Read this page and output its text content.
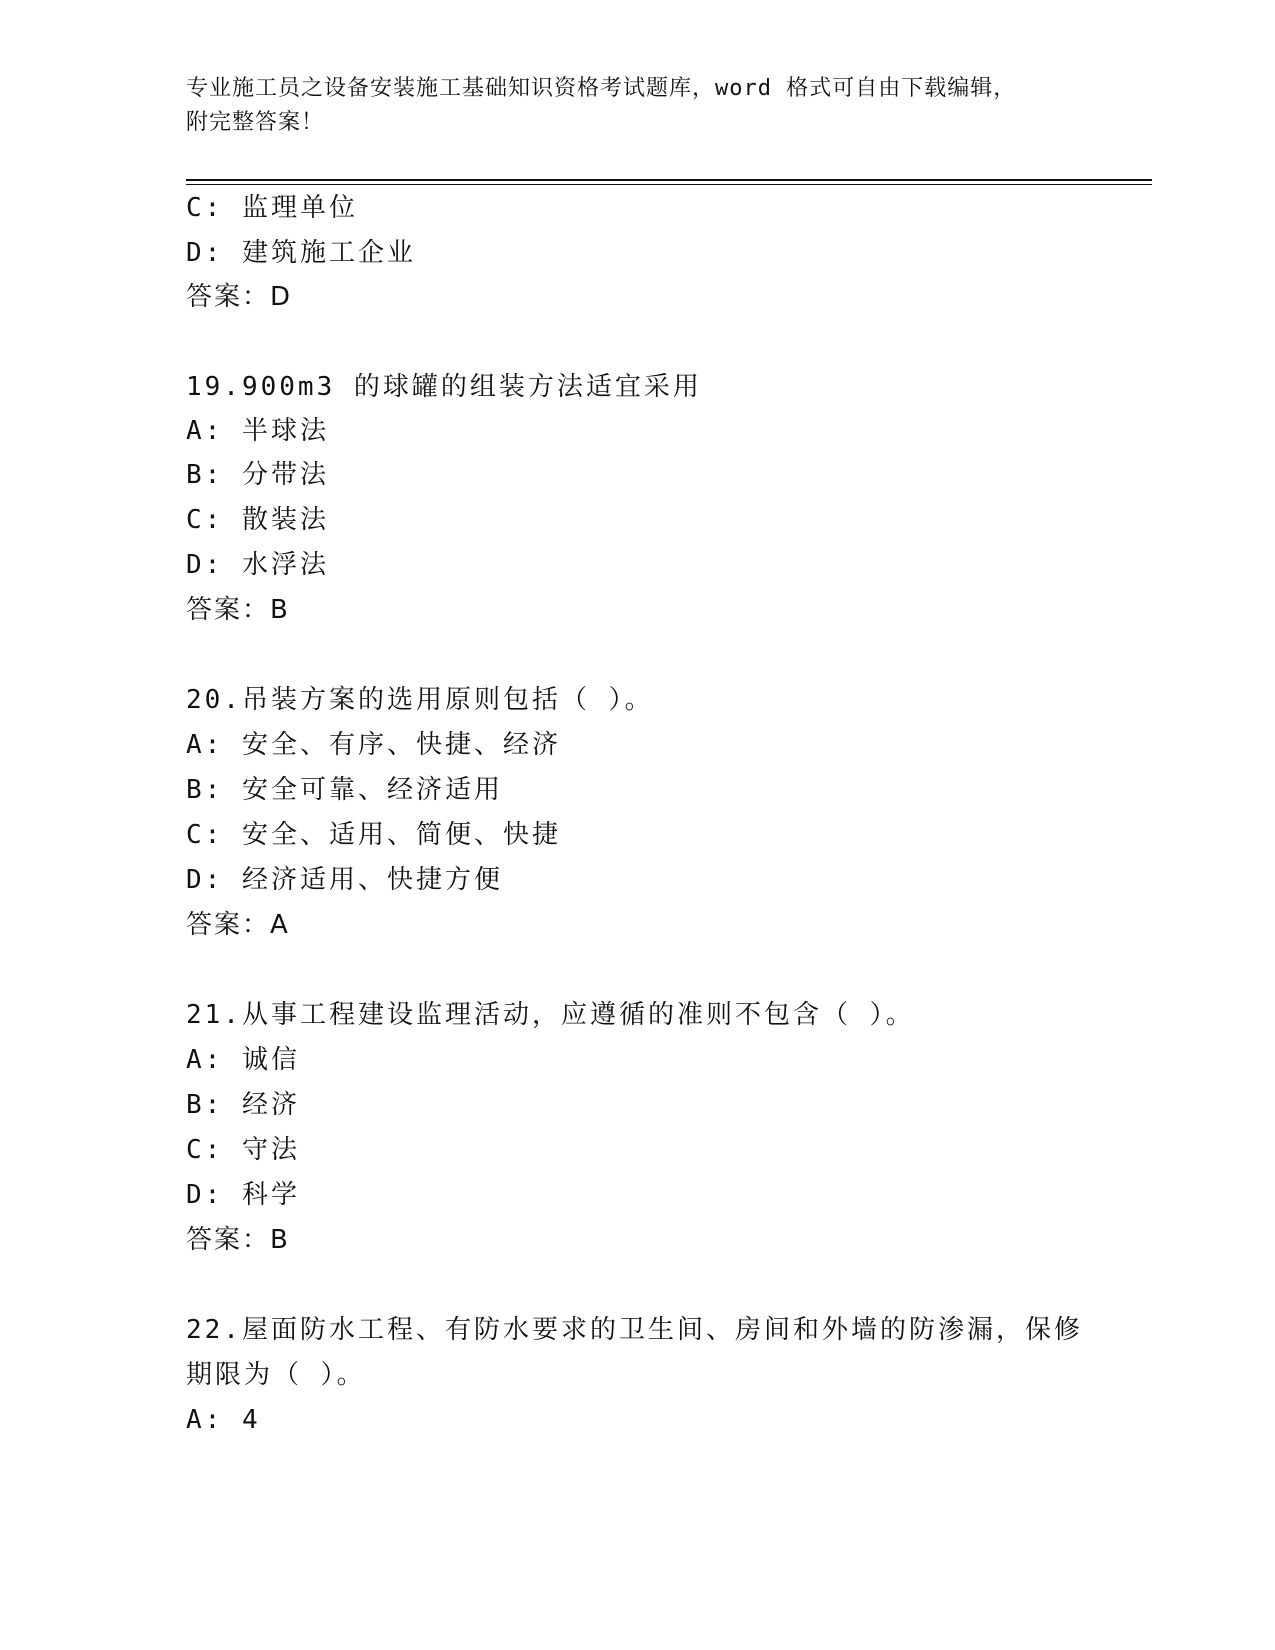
专业施工员之设备安装施工基础知识资格考试题库，word 格式可自由下载编辑，
附完整答案！
C: 监理单位
D: 建筑施工企业
答案：D
19.900m3 的球罐的组装方法适宜采用
A: 半球法
B: 分带法
C: 散装法
D: 水浮法
答案：B
20.吊装方案的选用原则包括（ ）。
A: 安全、有序、快捷、经济
B: 安全可靠、经济适用
C: 安全、适用、简便、快捷
D: 经济适用、快捷方便
答案：A
21.从事工程建设监理活动，应遵循的准则不包含（ ）。
A: 诚信
B: 经济
C: 守法
D: 科学
答案：B
22.屋面防水工程、有防水要求的卫生间、房间和外墙的防渗漏，保修
期限为（ ）。
A: 4
